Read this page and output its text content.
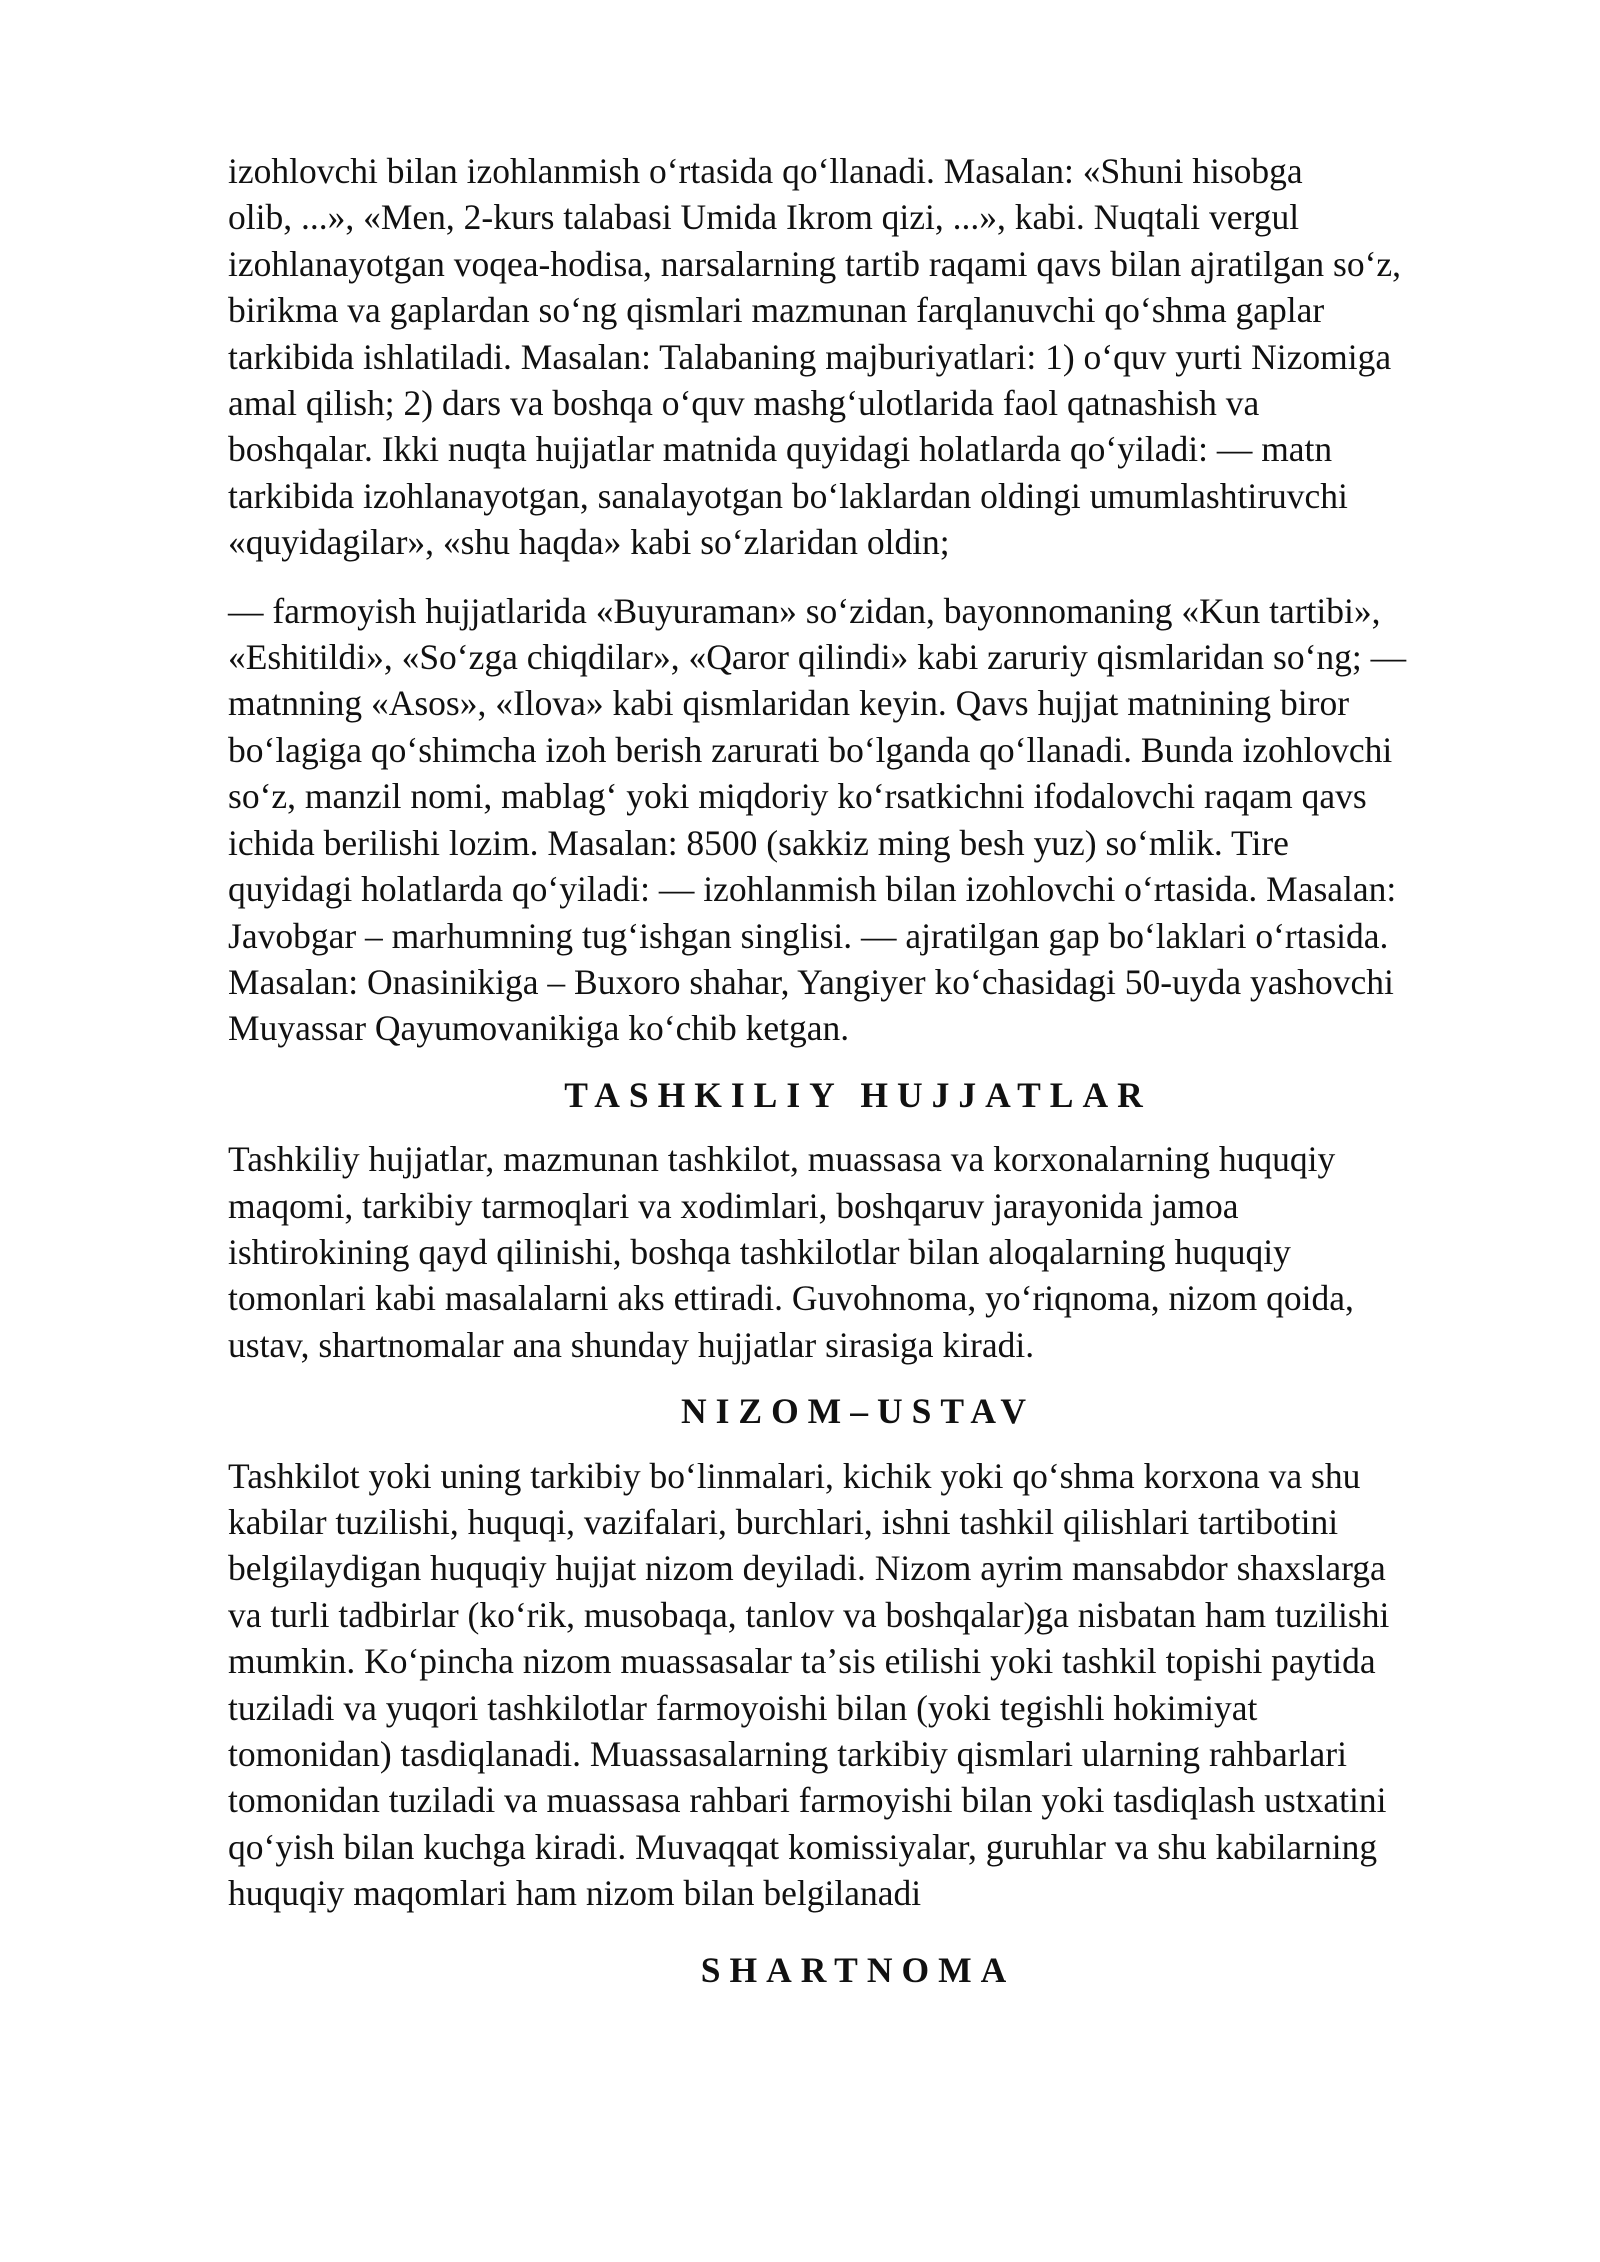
izohlovchi bilan izohlanmish oʻrtasida qoʻllanadi. Masalan: «Shuni hisobga
olib, ...», «Men, 2-kurs talabasi Umida Ikrom qizi, ...», kabi. Nuqtali vergul
izohlanayotgan voqea-hodisa, narsalarning tartib raqami qavs bilan ajratilgan soʻz,
birikma va gaplardan soʻng qismlari mazmunan farqlanuvchi qoʻshma gaplar
tarkibida ishlatiladi. Masalan: Talabaning majburiyatlari: 1) oʻquv yurti Nizomiga
amal qilish; 2) dars va boshqa oʻquv mashgʻulotlarida faol qatnashish va
boshqalar. Ikki nuqta hujjatlar matnida quyidagi holatlarda qoʻyiladi: — matn
tarkibida izohlanayotgan, sanalayotgan boʻlaklardan oldingi umumlashtiruvchi
«quyidagilar», «shu haqda» kabi soʻzlaridan oldin;
— farmoyish hujjatlarida «Buyuraman» soʻzidan, bayonnomaning «Kun tartibi»,
«Eshitildi», «Soʻzga chiqdilar», «Qaror qilindi» kabi zaruriy qismlaridan soʻng; —
matnning «Asos», «Ilova» kabi qismlaridan keyin. Qavs hujjat matnining biror
boʻlagiga qoʻshimcha izoh berish zarurati boʻlganda qoʻllanadi. Bunda izohlovchi
soʻz, manzil nomi, mablagʻ yoki miqdoriy koʻrsatkichni ifodalovchi raqam qavs
ichida berilishi lozim. Masalan: 8500 (sakkiz ming besh yuz) soʻmlik. Tire
quyidagi holatlarda qoʻyiladi: — izohlanmish bilan izohlovchi oʻrtasida. Masalan:
Javobgar – marhumning tugʻishgan singlisi. — ajratilgan gap boʻlaklari oʻrtasida.
Masalan: Onasinikiga – Buxoro shahar, Yangiyer koʻchasidagi 50-uyda yashovchi
Muyassar Qayumovanikiga koʻchib ketgan.
TASHKILIY HUJJATLAR
Tashkiliy hujjatlar, mazmunan tashkilot, muassasa va korxonalarning huquqiy
maqomi, tarkibiy tarmoqlari va xodimlari, boshqaruv jarayonida jamoa
ishtirokining qayd qilinishi, boshqa tashkilotlar bilan aloqalarning huquqiy
tomonlari kabi masalalarni aks ettiradi. Guvohnoma, yoʻriqnoma, nizom qoida,
ustav, shartnomalar ana shunday hujjatlar sirasiga kiradi.
NIZOM–USTAV
Tashkilot yoki uning tarkibiy boʻlinmalari, kichik yoki qoʻshma korxona va shu
kabilar tuzilishi, huquqi, vazifalari, burchlari, ishni tashkil qilishlari tartibotini
belgilaydigan huquqiy hujjat nizom deyiladi. Nizom ayrim mansabdor shaxslarga
va turli tadbirlar (koʻrik, musobaqa, tanlov va boshqalar)ga nisbatan ham tuzilishi
mumkin. Koʻpincha nizom muassasalar taʼsis etilishi yoki tashkil topishi paytida
tuziladi va yuqori tashkilotlar farmoyoishi bilan (yoki tegishli hokimiyat
tomonidan) tasdiqlanadi. Muassasalarning tarkibiy qismlari ularning rahbarlari
tomonidan tuziladi va muassasa rahbari farmoyishi bilan yoki tasdiqlash ustxatini
qoʻyish bilan kuchga kiradi. Muvaqqat komissiyalar, guruhlar va shu kabilarning
huquqiy maqomlari ham nizom bilan belgilanadi
SHARTNOMA
